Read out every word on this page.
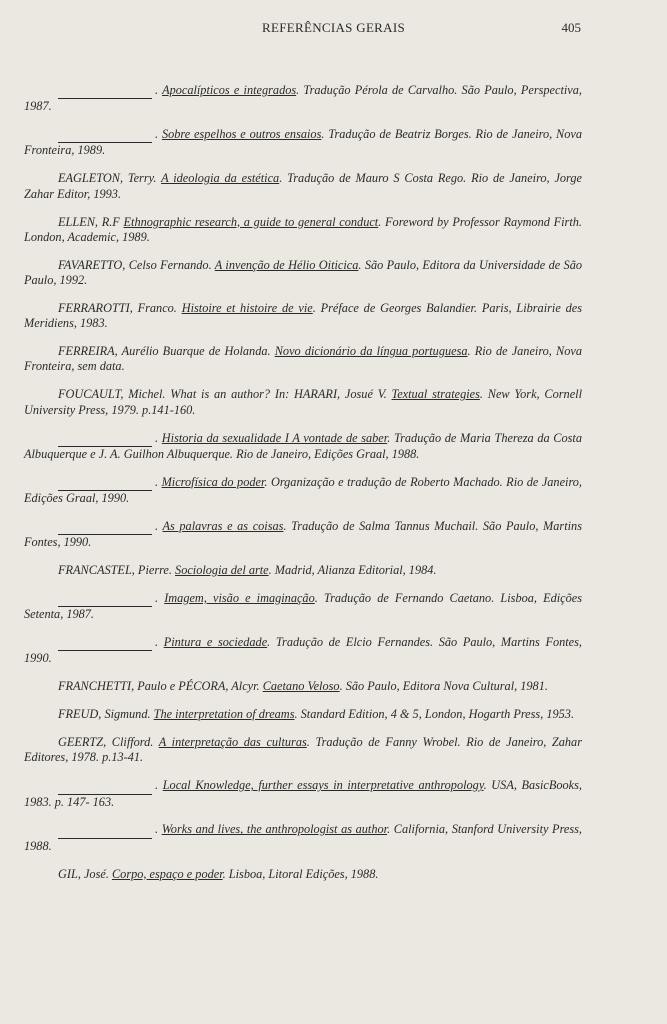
REFERÊNCIAS GERAIS	405

. Apocalípticos e integrados. Tradução Pérola de Carvalho. São Paulo, Perspectiva, 1987.

. Sobre espelhos e outros ensaios. Tradução de Beatriz Borges. Rio de Janeiro, Nova Fronteira, 1989.

EAGLETON, Terry. A ideologia da estética. Tradução de Mauro S Costa Rego. Rio de Janeiro, Jorge Zahar Editor, 1993.

ELLEN, R.F Ethnographic research, a guide to general conduct. Foreword by Professor Raymond Firth. London, Academic, 1989.

FAVARETTO, Celso Fernando. A invenção de Hélio Oiticica. São Paulo, Editora da Universidade de São Paulo, 1992.

FERRAROTTI, Franco. Histoire et histoire de vie. Préface de Georges Balandier. Paris, Librairie des Meridiens, 1983.

FERREIRA, Aurélio Buarque de Holanda. Novo dicionário da língua portuguesa. Rio de Janeiro, Nova Fronteira, sem data.

FOUCAULT, Michel. What is an author? In: HARARI, Josué V. Textual strategies. New York, Cornell University Press, 1979. p.141-160.

. Historia da sexualidade I A vontade de saber. Tradução de Maria Thereza da Costa Albuquerque e J. A. Guilhon Albuquerque. Rio de Janeiro, Edições Graal, 1988.

. Microfísica do poder. Organização e tradução de Roberto Machado. Rio de Janeiro, Edições Graal, 1990.

. As palavras e as coisas. Tradução de Salma Tannus Muchail. São Paulo, Martins Fontes, 1990.

FRANCASTEL, Pierre. Sociologia del arte. Madrid, Alianza Editorial, 1984.

. Imagem, visão e imaginação. Tradução de Fernando Caetano. Lisboa, Edições Setenta, 1987.

. Pintura e sociedade. Tradução de Elcio Fernandes. São Paulo, Martins Fontes, 1990.

FRANCHETTI, Paulo e PÉCORA, Alcyr. Caetano Veloso. São Paulo, Editora Nova Cultural, 1981.

FREUD, Sigmund. The interpretation of dreams. Standard Edition, 4 & 5, London, Hogarth Press, 1953.

GEERTZ, Clifford. A interpretação das culturas. Tradução de Fanny Wrobel. Rio de Janeiro, Zahar Editores, 1978. p.13-41.

. Local Knowledge, further essays in interpretative anthropology. USA, BasicBooks, 1983. p. 147- 163.

. Works and lives, the anthropologist as author. California, Stanford University Press, 1988.

GIL, José. Corpo, espaço e poder. Lisboa, Litoral Edições, 1988.
